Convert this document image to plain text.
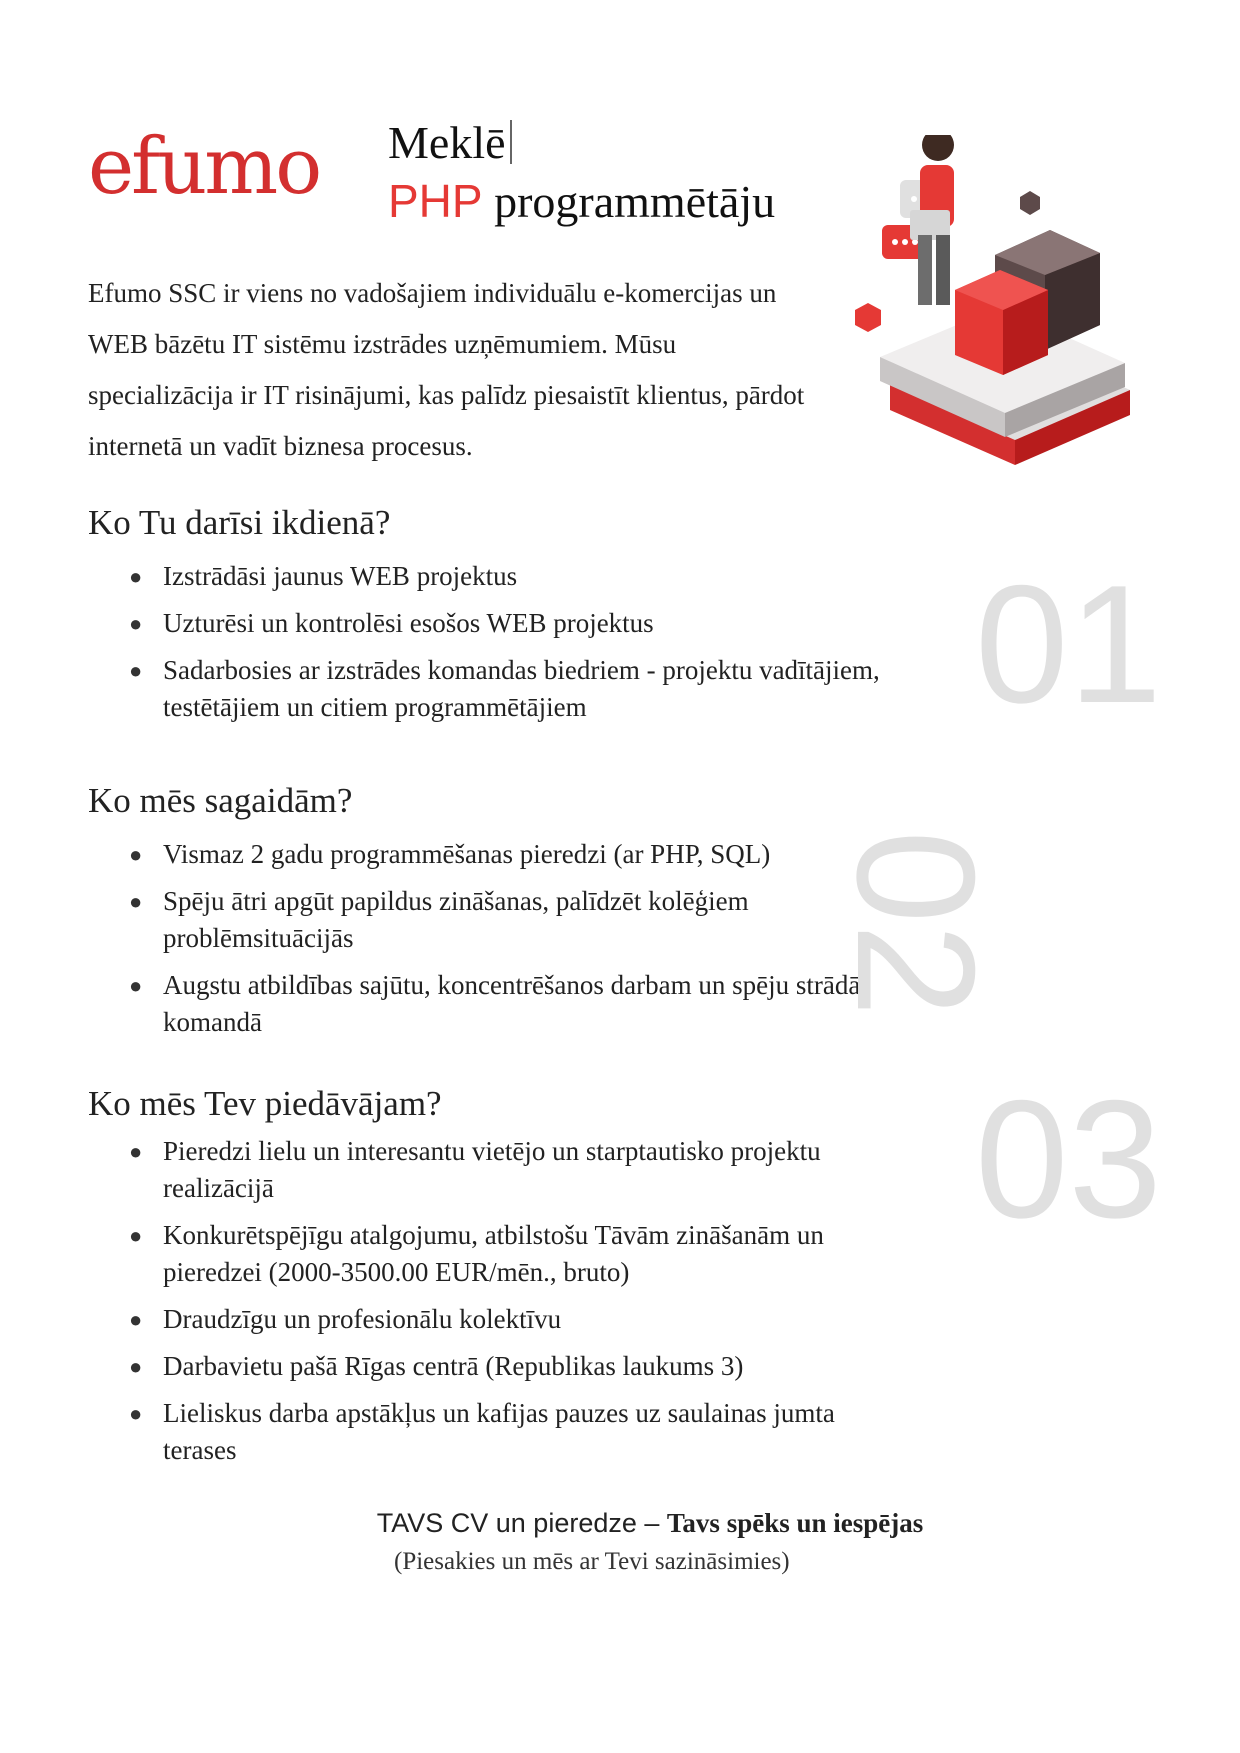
efumo Meklē
PHP programmētāju
Efumo SSC ir viens no vadošajiem individuālu e-komercijas un WEB bāzētu IT sistēmu izstrādes uzņēmumiem. Mūsu specializācija ir IT risinājumi, kas palīdz piesaistīt klientus, pārdot internetā un vadīt biznesa procesus.
Ko Tu darīsi ikdienā?
● Izstrādāsi jaunus WEB projektus
● Uzturēsi un kontrolēsi esošos WEB projektus
● Sadarbosies ar izstrādes komandas biedriem - projektu vadītājiem, testētājiem un citiem programmētājiem
Ko mēs sagaidām?
● Vismaz 2 gadu programmēšanas pieredzi (ar PHP, SQL)
● Spēju ātri apgūt papildus zināšanas, palīdzēt kolēģiem problēmsituācijās
● Augstu atbildības sajūtu, koncentrēšanos darbam un spēju strādāt komandā
Ko mēs Tev piedāvājam?
● Pieredzi lielu un interesantu vietējo un starptautisko projektu realizācijā
● Konkurētspējīgu atalgojumu, atbilstošu Tāvām zināšanām un pieredzei (2000-3500.00 EUR/mēn., bruto)
● Draudzīgu un profesionālu kolektīvu
● Darbavietu pašā Rīgas centrā (Republikas laukums 3)
● Lieliskus darba apstākļus un kafijas pauzes uz saulainas jumta terases
01
02
03
TAVS CV un pieredze – Tavs spēks un iespējas
(Piesakies un mēs ar Tevi sazināsimies)
